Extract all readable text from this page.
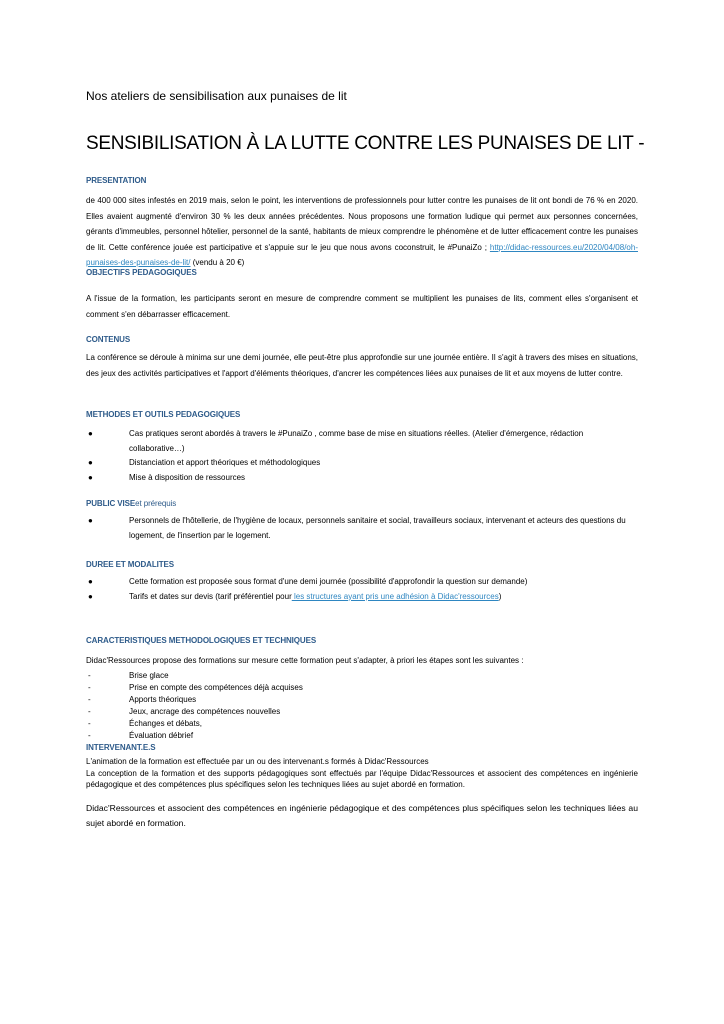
Nos ateliers de sensibilisation aux punaises de lit
SENSIBILISATION À LA LUTTE CONTRE LES PUNAISES DE LIT -
PRESENTATION
de 400 000 sites infestés en 2019 mais, selon le point, les interventions de professionnels pour lutter contre les punaises de lit ont bondi de 76 % en 2020. Elles avaient augmenté d'environ 30 % les deux années précédentes. Nous proposons une formation ludique qui permet aux personnes concernées, gérants d'immeubles, personnel hôtelier, personnel de la santé, habitants de mieux comprendre le phénomène et de lutter efficacement contre les punaises de lit. Cette conférence jouée est participative et s'appuie sur le jeu que nous avons coconstruit, le #PunaiZo ; http://didac-ressources.eu/2020/04/08/oh-punaises-des-punaises-de-lit/ (vendu à 20 €)
OBJECTIFS PEDAGOGIQUES
A l'issue de la formation, les participants seront en mesure de comprendre comment se multiplient les punaises de lits, comment elles s'organisent et comment s'en débarrasser efficacement.
CONTENUS
La conférence se déroule à minima sur une demi journée, elle peut-être plus approfondie sur une journée entière. Il s'agit à travers des mises en situations, des jeux des activités participatives et l'apport d'éléments théoriques, d'ancrer les compétences liées aux punaises de lit et aux moyens de lutter contre.
METHODES ET OUTILS PEDAGOGIQUES
●	Cas pratiques seront abordés à travers le #PunaiZo , comme base de mise en situations réelles. (Atelier d'émergence, rédaction collaborative…)
●	Distanciation et apport théoriques et méthodologiques
●	Mise à disposition de ressources
PUBLIC VISEet prérequis
●	Personnels de l'hôtellerie, de l'hygiène de locaux, personnels sanitaire et social, travailleurs sociaux, intervenant et acteurs des questions du logement, de l'insertion par le logement.
DUREE ET MODALITES
●	Cette formation est proposée sous format d'une demi journée (possibilité d'approfondir la question sur demande)
●	Tarifs et dates sur devis (tarif préférentiel pour les structures ayant pris une adhésion à Didac'ressources)
CARACTERISTIQUES METHODOLOGIQUES ET TECHNIQUES
Didac'Ressources propose des formations sur mesure cette formation peut s'adapter, à priori les étapes sont les suivantes :
-	Brise glace
-	Prise en compte des compétences déjà acquises
-	Apports théoriques
-	Jeux, ancrage des compétences nouvelles
-	Échanges et débats,
-	Évaluation débrief
INTERVENANT.E.S
L'animation de la formation est effectuée par un ou des intervenant.s formés à Didac'Ressources
La conception de la formation et des supports pédagogiques sont effectués par l'équipe Didac'Ressources et associent des compétences en ingénierie pédagogique et des compétences plus spécifiques selon les techniques liées au sujet abordé en formation.
Didac'Ressources et associent des compétences en ingénierie pédagogique et des compétences plus spécifiques selon les techniques liées au sujet abordé en formation.
